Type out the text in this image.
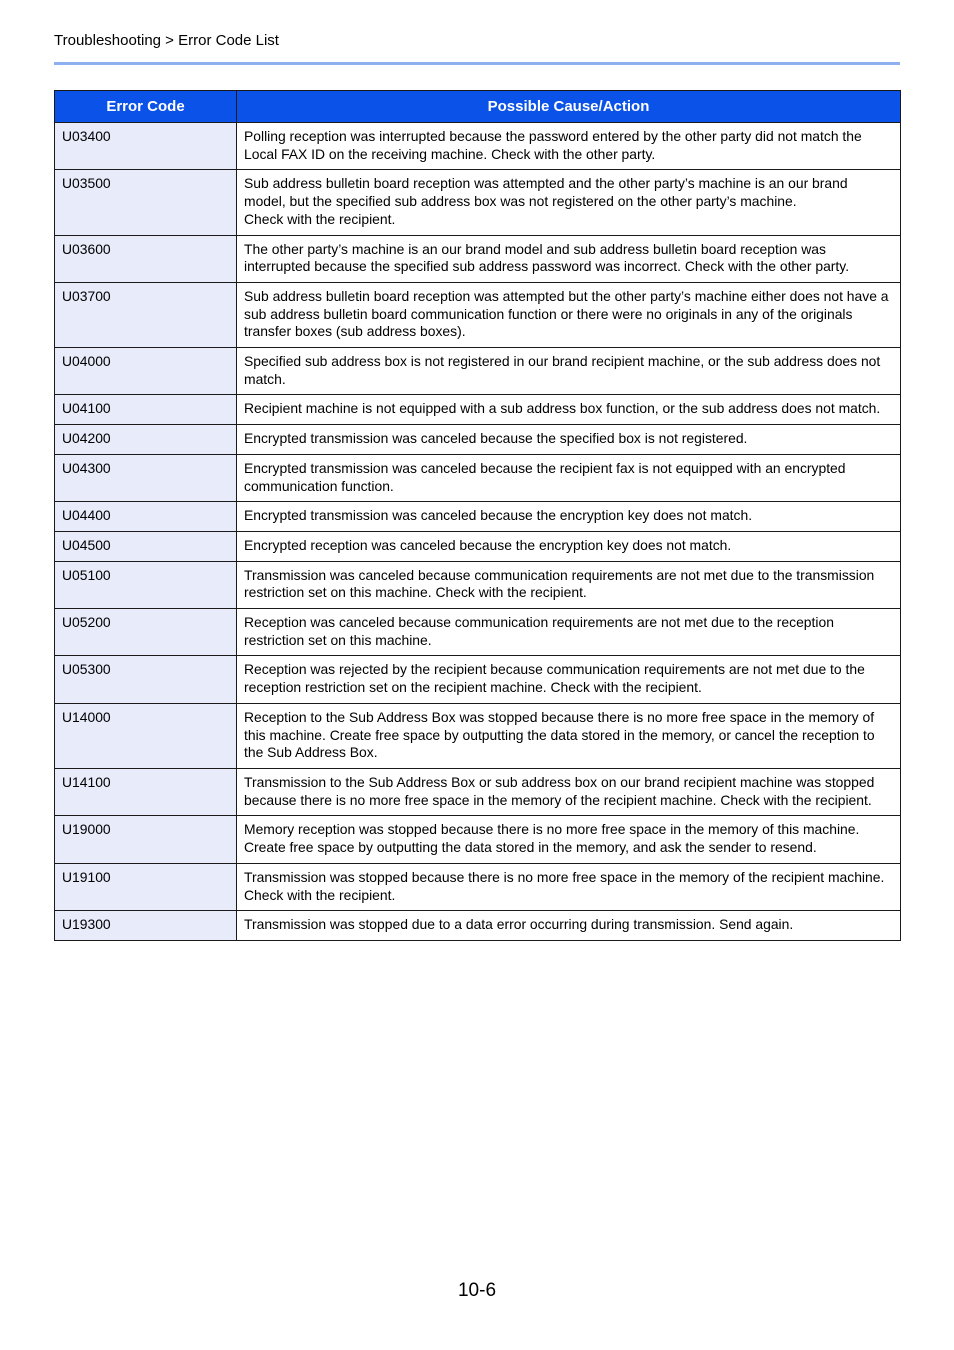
Troubleshooting > Error Code List
Error Code	Possible Cause/Action
U03400	Polling reception was interrupted because the password entered by the other party did not match the Local FAX ID on the receiving machine. Check with the other party.
U03500	Sub address bulletin board reception was attempted and the other party’s machine is an our brand model, but the specified sub address box was not registered on the other party’s machine.
Check with the recipient.
U03600	The other party’s machine is an our brand model and sub address bulletin board reception was interrupted because the specified sub address password was incorrect. Check with the other party.
U03700	Sub address bulletin board reception was attempted but the other party’s machine either does not have a sub address bulletin board communication function or there were no originals in any of the originals transfer boxes (sub address boxes).
U04000	Specified sub address box is not registered in our brand recipient machine, or the sub address does not match.
U04100	Recipient machine is not equipped with a sub address box function, or the sub address does not match.
U04200	Encrypted transmission was canceled because the specified box is not registered.
U04300	Encrypted transmission was canceled because the recipient fax is not equipped with an encrypted communication function.
U04400	Encrypted transmission was canceled because the encryption key does not match.
U04500	Encrypted reception was canceled because the encryption key does not match.
U05100	Transmission was canceled because communication requirements are not met due to the transmission restriction set on this machine. Check with the recipient.
U05200	Reception was canceled because communication requirements are not met due to the reception restriction set on this machine.
U05300	Reception was rejected by the recipient because communication requirements are not met due to the reception restriction set on the recipient machine. Check with the recipient.
U14000	Reception to the Sub Address Box was stopped because there is no more free space in the memory of this machine. Create free space by outputting the data stored in the memory, or cancel the reception to the Sub Address Box.
U14100	Transmission to the Sub Address Box or sub address box on our brand recipient machine was stopped because there is no more free space in the memory of the recipient machine. Check with the recipient.
U19000	Memory reception was stopped because there is no more free space in the memory of this machine. Create free space by outputting the data stored in the memory, and ask the sender to resend.
U19100	Transmission was stopped because there is no more free space in the memory of the recipient machine. Check with the recipient.
U19300	Transmission was stopped due to a data error occurring during transmission. Send again.
10-6
